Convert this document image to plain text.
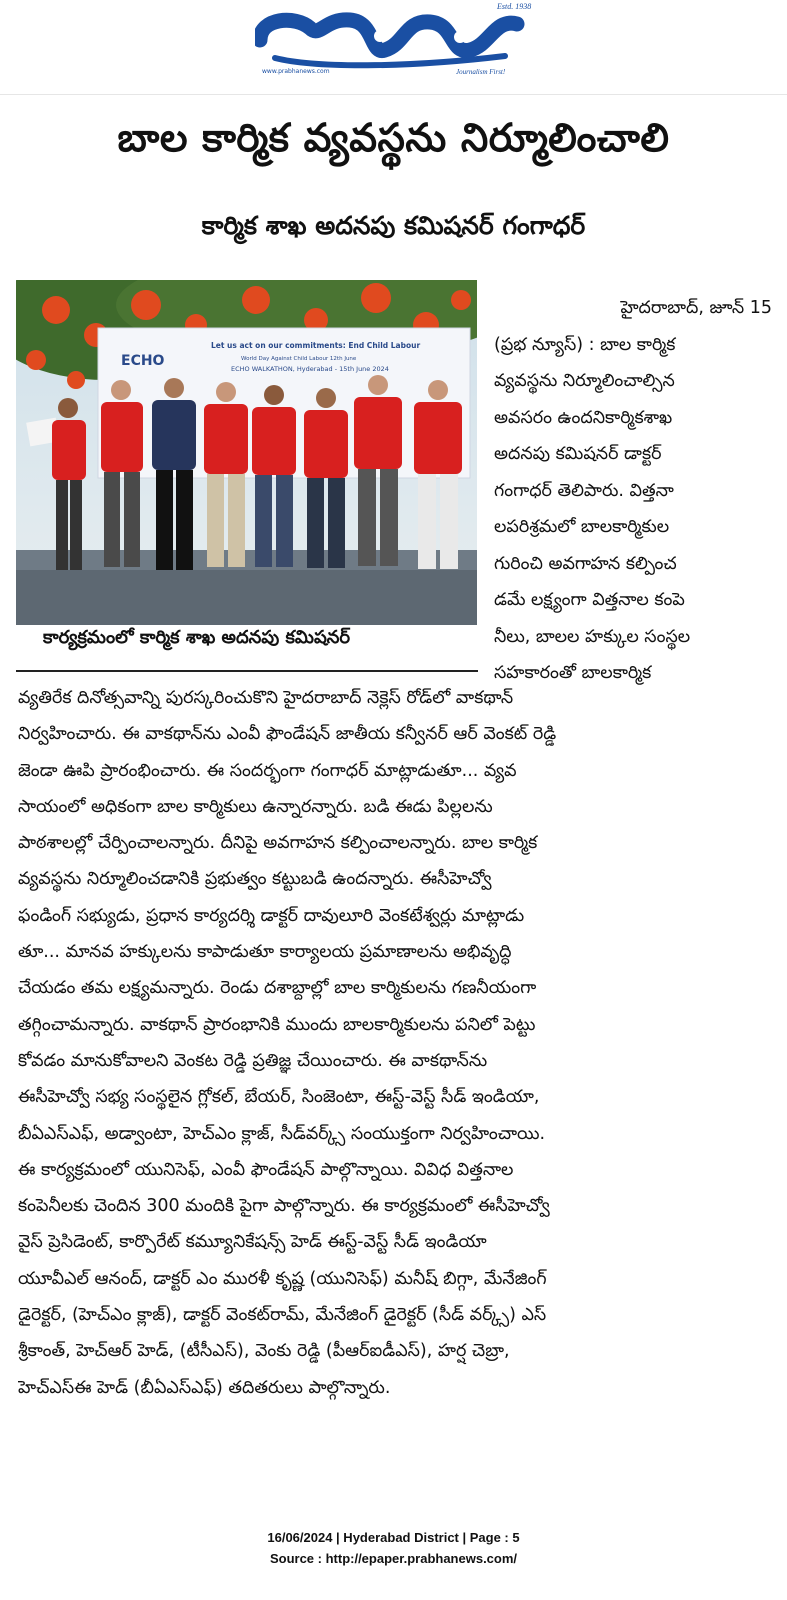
Estd. 1938
www.prabhanews.com	Journalism First!
బాల కార్మిక వ్యవస్థను నిర్మూలించాలి
కార్మిక శాఖ అదనపు కమిషనర్ గంగాధర్
ECHO
Let us act on our commitments: End Child Labour
World Day Against Child Labour 12th June
ECHO WALKATHON, Hyderabad - 15th June 2024
కార్యక్రమంలో కార్మిక శాఖ అదనపు కమిషనర్
హైదరాబాద్, జూన్ 15
(ప్రభ న్యూస్) : బాల కార్మిక
వ్యవస్థను నిర్మూలించాల్సిన
అవసరం ఉందనికార్మికశాఖ
అదనపు కమిషనర్ డాక్టర్
గంగాధర్ తెలిపారు. విత్తనా
లపరిశ్రమలో బాలకార్మికుల
గురించి అవగాహన కల్పించ
డమే లక్ష్యంగా విత్తనాల కంపె
నీలు, బాలల హక్కుల సంస్థల
సహకారంతో బాలకార్మిక
వ్యతిరేక దినోత్సవాన్ని పురస్కరించుకొని హైదరాబాద్ నెక్లెస్ రోడ్‌లో వాకథాన్
నిర్వహించారు. ఈ వాకథాన్‌ను ఎంవీ ఫౌండేషన్ జాతీయ కన్వీనర్ ఆర్ వెంకట్ రెడ్డి
జెండా ఊపి ప్రారంభించారు. ఈ సందర్భంగా గంగాధర్ మాట్లాడుతూ... వ్యవ
సాయంలో అధికంగా బాల కార్మికులు ఉన్నారన్నారు. బడి ఈడు పిల్లలను
పాఠశాలల్లో చేర్పించాలన్నారు. దీనిపై అవగాహన కల్పించాలన్నారు. బాల కార్మిక
వ్యవస్థను నిర్మూలించడానికి ప్రభుత్వం కట్టుబడి ఉందన్నారు. ఈసీహెచ్వో
ఫండింగ్ సభ్యుడు, ప్రధాన కార్యదర్శి డాక్టర్ దావులూరి వెంకటేశ్వర్లు మాట్లాడు
తూ... మానవ హక్కులను కాపాడుతూ కార్యాలయ ప్రమాణాలను అభివృద్ధి
చేయడం తమ లక్ష్యమన్నారు. రెండు దశాబ్దాల్లో బాల కార్మికులను గణనీయంగా
తగ్గించామన్నారు. వాకథాన్ ప్రారంభానికి ముందు బాలకార్మికులను పనిలో పెట్టు
కోవడం మానుకోవాలని వెంకట రెడ్డి ప్రతిజ్ఞ చేయించారు. ఈ వాకథాన్‌ను
ఈసీహెచ్వో సభ్య సంస్థలైన గ్లోకల్, బేయర్, సింజెంటా, ఈస్ట్-వెస్ట్ సీడ్ ఇండియా,
బీఏఎస్ఎఫ్, అడ్వాంటా, హెచ్ఎం క్లాజ్, సీడ్‌వర్క్స్ సంయుక్తంగా నిర్వహించాయి.
ఈ కార్యక్రమంలో యునిసెఫ్, ఎంవీ ఫౌండేషన్ పాల్గొన్నాయి. వివిధ విత్తనాల
కంపెనీలకు చెందిన 300 మందికి పైగా పాల్గొన్నారు. ఈ కార్యక్రమంలో ఈసీహెచ్వో
వైస్ ప్రెసిడెంట్, కార్పొరేట్ కమ్యూనికేషన్స్ హెడ్ ఈస్ట్-వెస్ట్ సీడ్ ఇండియా
యూవీఎల్ ఆనంద్, డాక్టర్ ఎం మురళీ కృష్ణ (యునిసెఫ్) మనీష్ బిగ్గా, మేనేజింగ్
డైరెక్టర్, (హెచ్ఎం క్లాజ్), డాక్టర్ వెంకట్‌రామ్, మేనేజింగ్ డైరెక్టర్ (సీడ్ వర్క్స్) ఎస్
శ్రీకాంత్, హెచ్ఆర్ హెడ్, (టీసీఎస్), వెంకు రెడ్డి (పీఆర్ఐడీఎస్), హర్ష చెబ్రా,
హెచ్ఎస్ఈ హెడ్ (బీఏఎస్ఎఫ్) తదితరులు పాల్గొన్నారు.
16/06/2024 | Hyderabad District | Page : 5
Source : http://epaper.prabhanews.com/
